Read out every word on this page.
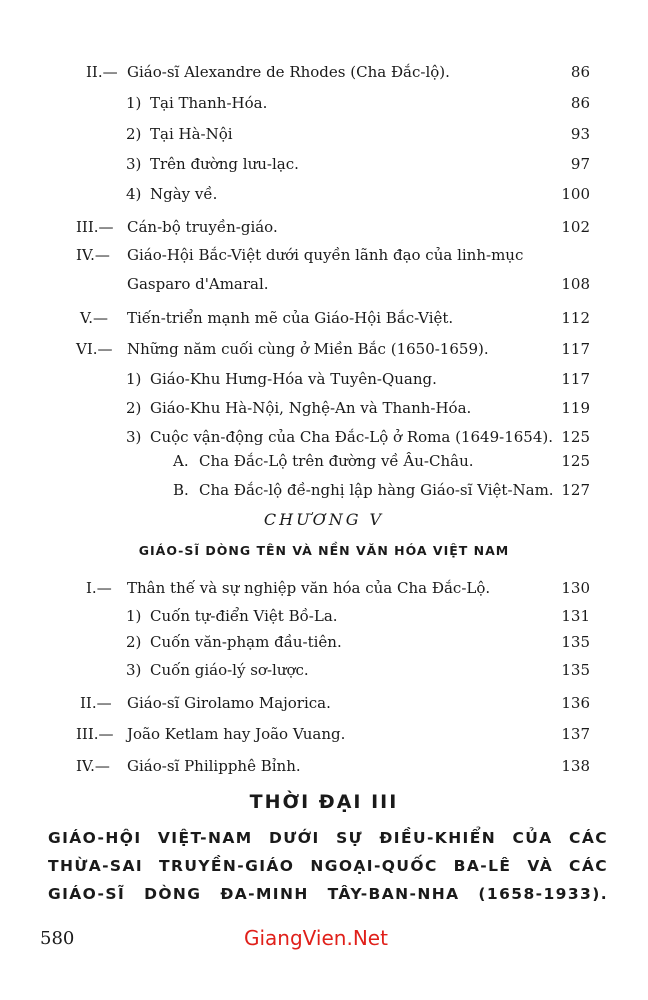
II.— Giáo-sĩ Alexandre de Rhodes (Cha Đắc-lộ).	86
1) Tại Thanh-Hóa.	86
2) Tại Hà-Nội	93
3) Trên đường lưu-lạc.	97
4) Ngày về.	100
III.— Cán-bộ truyền-giáo.	102
IV.— Giáo-Hội Bắc-Việt dưới quyền lãnh đạo của linh-mục
Gasparo d'Amaral.	108
V.— Tiến-triển mạnh mẽ của Giáo-Hội Bắc-Việt.	112
VI.— Những năm cuối cùng ở Miền Bắc (1650-1659).	117
1) Giáo-Khu Hưng-Hóa và Tuyên-Quang.	117
2) Giáo-Khu Hà-Nội, Nghệ-An và Thanh-Hóa.	119
3) Cuộc vận-động của Cha Đắc-Lộ ở Roma (1649-1654). 125
A. Cha Đắc-Lộ trên đường về Âu-Châu.	125
B. Cha Đắc-lộ đề-nghị lập hàng Giáo-sĩ Việt-Nam. 127
CHƯƠNG V
GIÁO-SĨ DÒNG TÊN VÀ NỀN VĂN HÓA VIỆT NAM
I.— Thân thế và sự nghiệp văn hóa của Cha Đắc-Lộ.	130
1) Cuốn tự-điển Việt Bồ-La.	131
2) Cuốn văn-phạm đầu-tiên.	135
3) Cuốn giáo-lý sơ-lược.	135
II.— Giáo-sĩ Girolamo Majorica.	136
III.— João Ketlam hay João Vuang.	137
IV.— Giáo-sĩ Philipphê Bỉnh.	138
THỜI ĐẠI III
GIÁO-HỘI VIỆT-NAM DƯỚI SỰ ĐIỀU-KHIỂN CỦA CÁC
THỪA-SAI TRUYỀN-GIÁO NGOẠI-QUỐC BA-LÊ VÀ CÁC
GIÁO-SĨ DÒNG ĐA-MINH TÂY-BAN-NHA (1658-1933).
580	GiangVien.Net
